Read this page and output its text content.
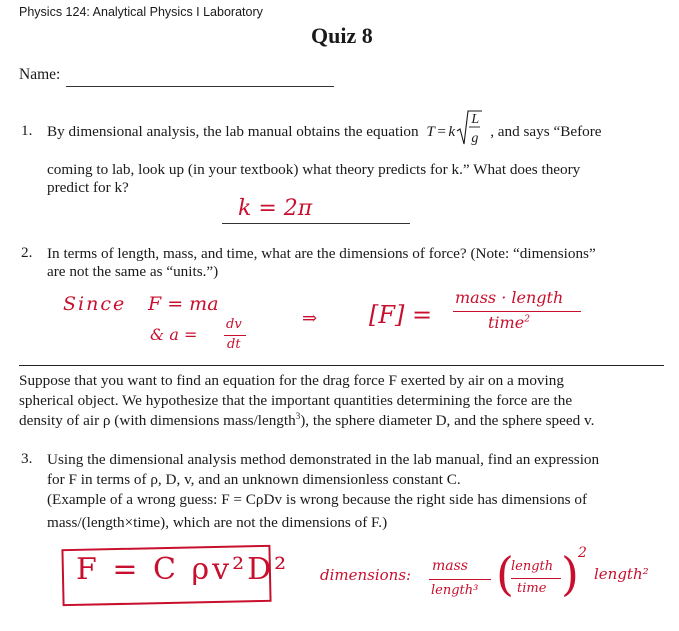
Physics 124: Analytical Physics I Laboratory
Quiz 8
Name:
1. By dimensional analysis, the lab manual obtains the equation T = k
L
g , and says “Before
coming to lab, look up (in your textbook) what theory predicts for k.” What does theory
predict for k?
k = 2π
2. In terms of length, mass, and time, what are the dimensions of force? (Note: “dimensions”
are not the same as “units.”)
Since F = ma
& a =
dv
dt
⇒ [F] =
mass · length
time$^2$
Suppose that you want to find an equation for the drag force F exerted by air on a moving
spherical object. We hypothesize that the important quantities determining the force are the
density of air ρ (with dimensions mass/length$^3$), the sphere diameter D, and the sphere speed v.
3. Using the dimensional analysis method demonstrated in the lab manual, find an expression
for F in terms of ρ, D, v, and an unknown dimensionless constant C.
(Example of a wrong guess: F = CρDv is wrong because the right side has dimensions of
mass/(length×time), which are not the dimensions of F.)
F = C ρv²D² dimensions: mass
length³ (
length
time ) 2
length²
